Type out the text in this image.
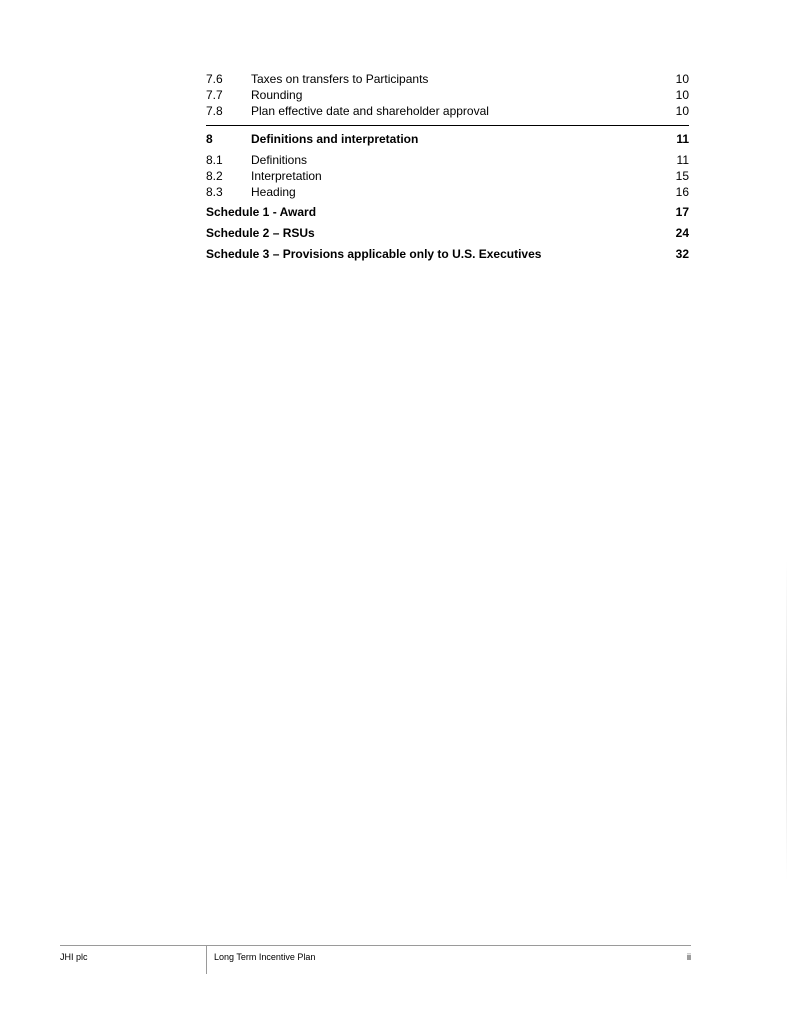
7.6	Taxes on transfers to Participants	10
7.7	Rounding	10
7.8	Plan effective date and shareholder approval	10
8	Definitions and interpretation	11
8.1	Definitions	11
8.2	Interpretation	15
8.3	Heading	16
Schedule 1 - Award	17
Schedule 2 – RSUs	24
Schedule 3 – Provisions applicable only to U.S. Executives	32
JHI plc	Long Term Incentive Plan	ii
